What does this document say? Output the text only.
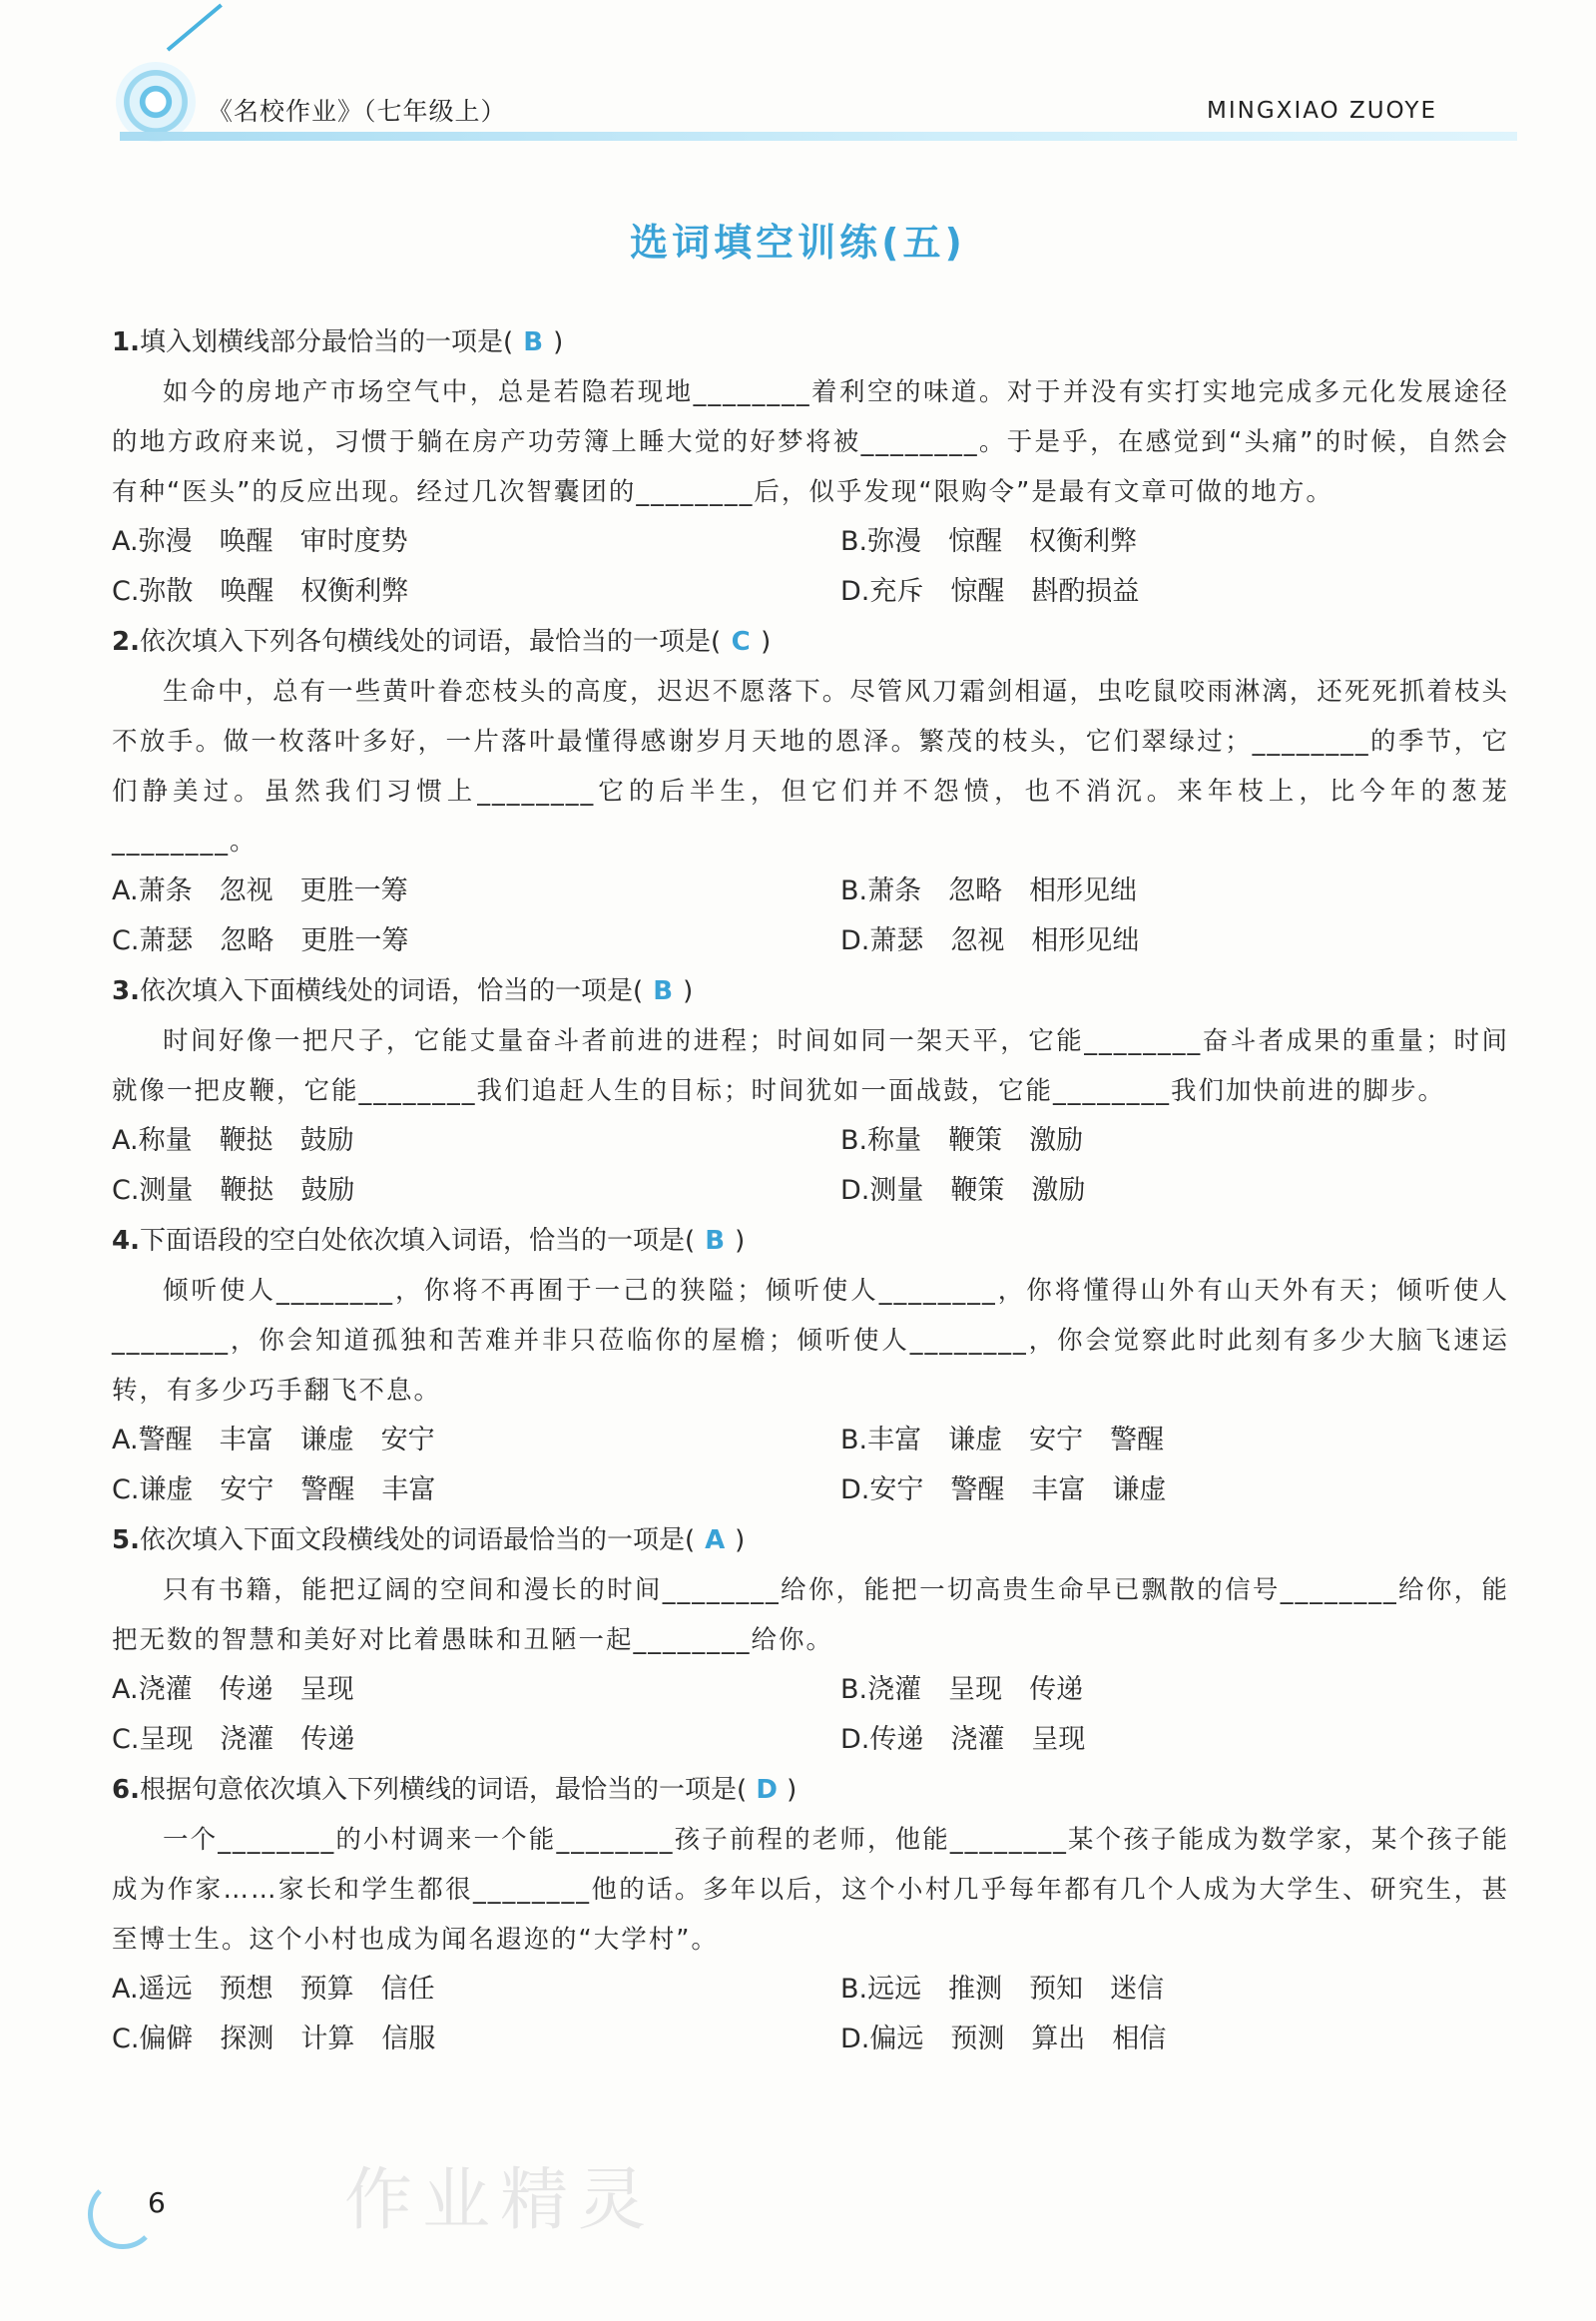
《名校作业》（七年级上）	MINGXIAO ZUOYE
选词填空训练(五)
1.填入划横线部分最恰当的一项是( B )
如今的房地产市场空气中，总是若隐若现地________着利空的味道。对于并没有实打实地完成多元化发展途径的地方政府来说，习惯于躺在房产功劳簿上睡大觉的好梦将被________。于是乎，在感觉到“头痛”的时候，自然会有种“医头”的反应出现。经过几次智囊团的________后，似乎发现“限购令”是最有文章可做的地方。
A.弥漫　唤醒　审时度势	B.弥漫　惊醒　权衡利弊
C.弥散　唤醒　权衡利弊	D.充斥　惊醒　斟酌损益
2.依次填入下列各句横线处的词语，最恰当的一项是( C )
生命中，总有一些黄叶眷恋枝头的高度，迟迟不愿落下。尽管风刀霜剑相逼，虫吃鼠咬雨淋漓，还死死抓着枝头不放手。做一枚落叶多好，一片落叶最懂得感谢岁月天地的恩泽。繁茂的枝头，它们翠绿过；________的季节，它们静美过。虽然我们习惯上________它的后半生，但它们并不怨愤，也不消沉。来年枝上，比今年的葱茏________。
A.萧条　忽视　更胜一筹	B.萧条　忽略　相形见绌
C.萧瑟　忽略　更胜一筹	D.萧瑟　忽视　相形见绌
3.依次填入下面横线处的词语，恰当的一项是( B )
时间好像一把尺子，它能丈量奋斗者前进的进程；时间如同一架天平，它能________奋斗者成果的重量；时间就像一把皮鞭，它能________我们追赶人生的目标；时间犹如一面战鼓，它能________我们加快前进的脚步。
A.称量　鞭挞　鼓励	B.称量　鞭策　激励
C.测量　鞭挞　鼓励	D.测量　鞭策　激励
4.下面语段的空白处依次填入词语，恰当的一项是( B )
倾听使人________，你将不再囿于一己的狭隘；倾听使人________，你将懂得山外有山天外有天；倾听使人________，你会知道孤独和苦难并非只莅临你的屋檐；倾听使人________，你会觉察此时此刻有多少大脑飞速运转，有多少巧手翻飞不息。
A.警醒　丰富　谦虚　安宁	B.丰富　谦虚　安宁　警醒
C.谦虚　安宁　警醒　丰富	D.安宁　警醒　丰富　谦虚
5.依次填入下面文段横线处的词语最恰当的一项是( A )
只有书籍，能把辽阔的空间和漫长的时间________给你，能把一切高贵生命早已飘散的信号________给你，能把无数的智慧和美好对比着愚昧和丑陋一起________给你。
A.浇灌　传递　呈现	B.浇灌　呈现　传递
C.呈现　浇灌　传递	D.传递　浇灌　呈现
6.根据句意依次填入下列横线的词语，最恰当的一项是( D )
一个________的小村调来一个能________孩子前程的老师，他能________某个孩子能成为数学家，某个孩子能成为作家……家长和学生都很________他的话。多年以后，这个小村几乎每年都有几个人成为大学生、研究生，甚至博士生。这个小村也成为闻名遐迩的“大学村”。
A.遥远　预想　预算　信任	B.远远　推测　预知　迷信
C.偏僻　探测　计算　信服	D.偏远　预测　算出　相信
6	作业精灵
